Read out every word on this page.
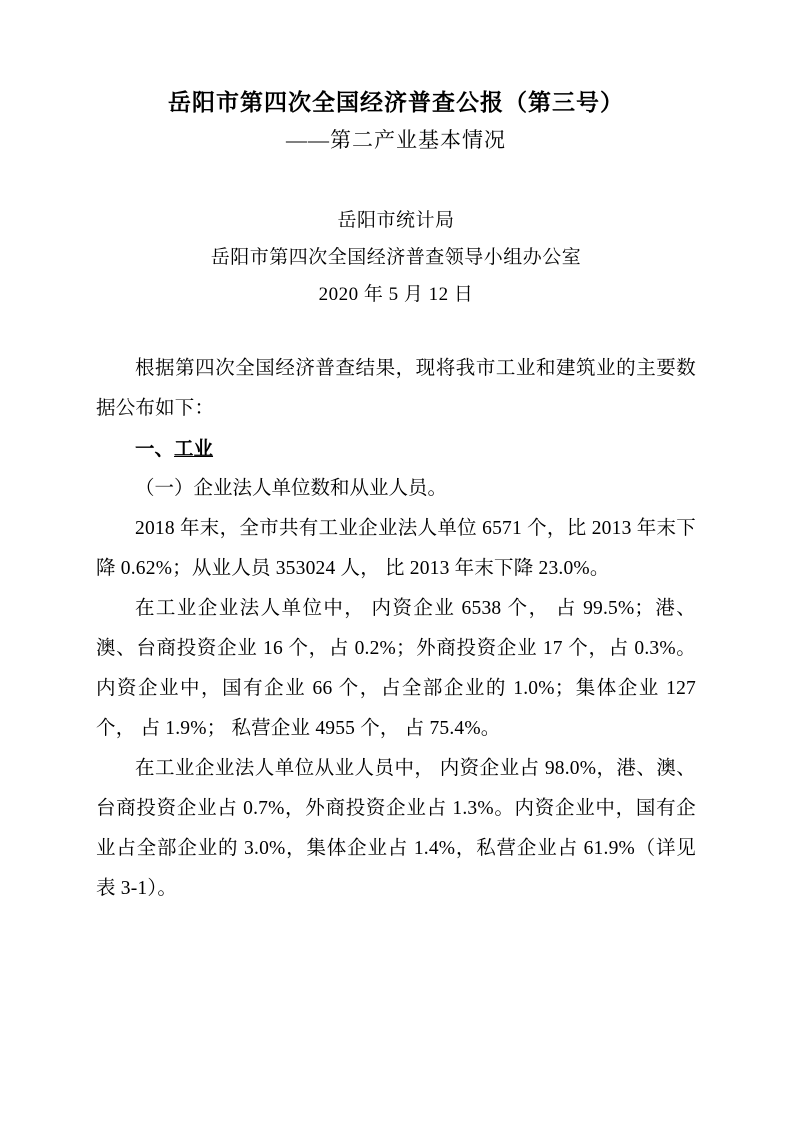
岳阳市第四次全国经济普查公报（第三号）
——第二产业基本情况
岳阳市统计局
岳阳市第四次全国经济普查领导小组办公室
2020 年 5 月 12 日

根据第四次全国经济普查结果，现将我市工业和建筑业的主要数据公布如下：

一、工业

（一）企业法人单位数和从业人员。

2018 年末，全市共有工业企业法人单位 6571 个，比 2013 年末下降 0.62%；从业人员 353024 人， 比 2013 年末下降 23.0%。

在工业企业法人单位中， 内资企业 6538 个， 占 99.5%；港、澳、台商投资企业 16 个，占 0.2%；外商投资企业 17 个，占 0.3%。内资企业中，国有企业 66 个，占全部企业的 1.0%；集体企业 127 个， 占 1.9%； 私营企业 4955 个， 占 75.4%。

在工业企业法人单位从业人员中， 内资企业占 98.0%，港、澳、台商投资企业占 0.7%，外商投资企业占 1.3%。内资企业中，国有企业占全部企业的 3.0%，集体企业占 1.4%，私营企业占 61.9%（详见表 3-1）。
